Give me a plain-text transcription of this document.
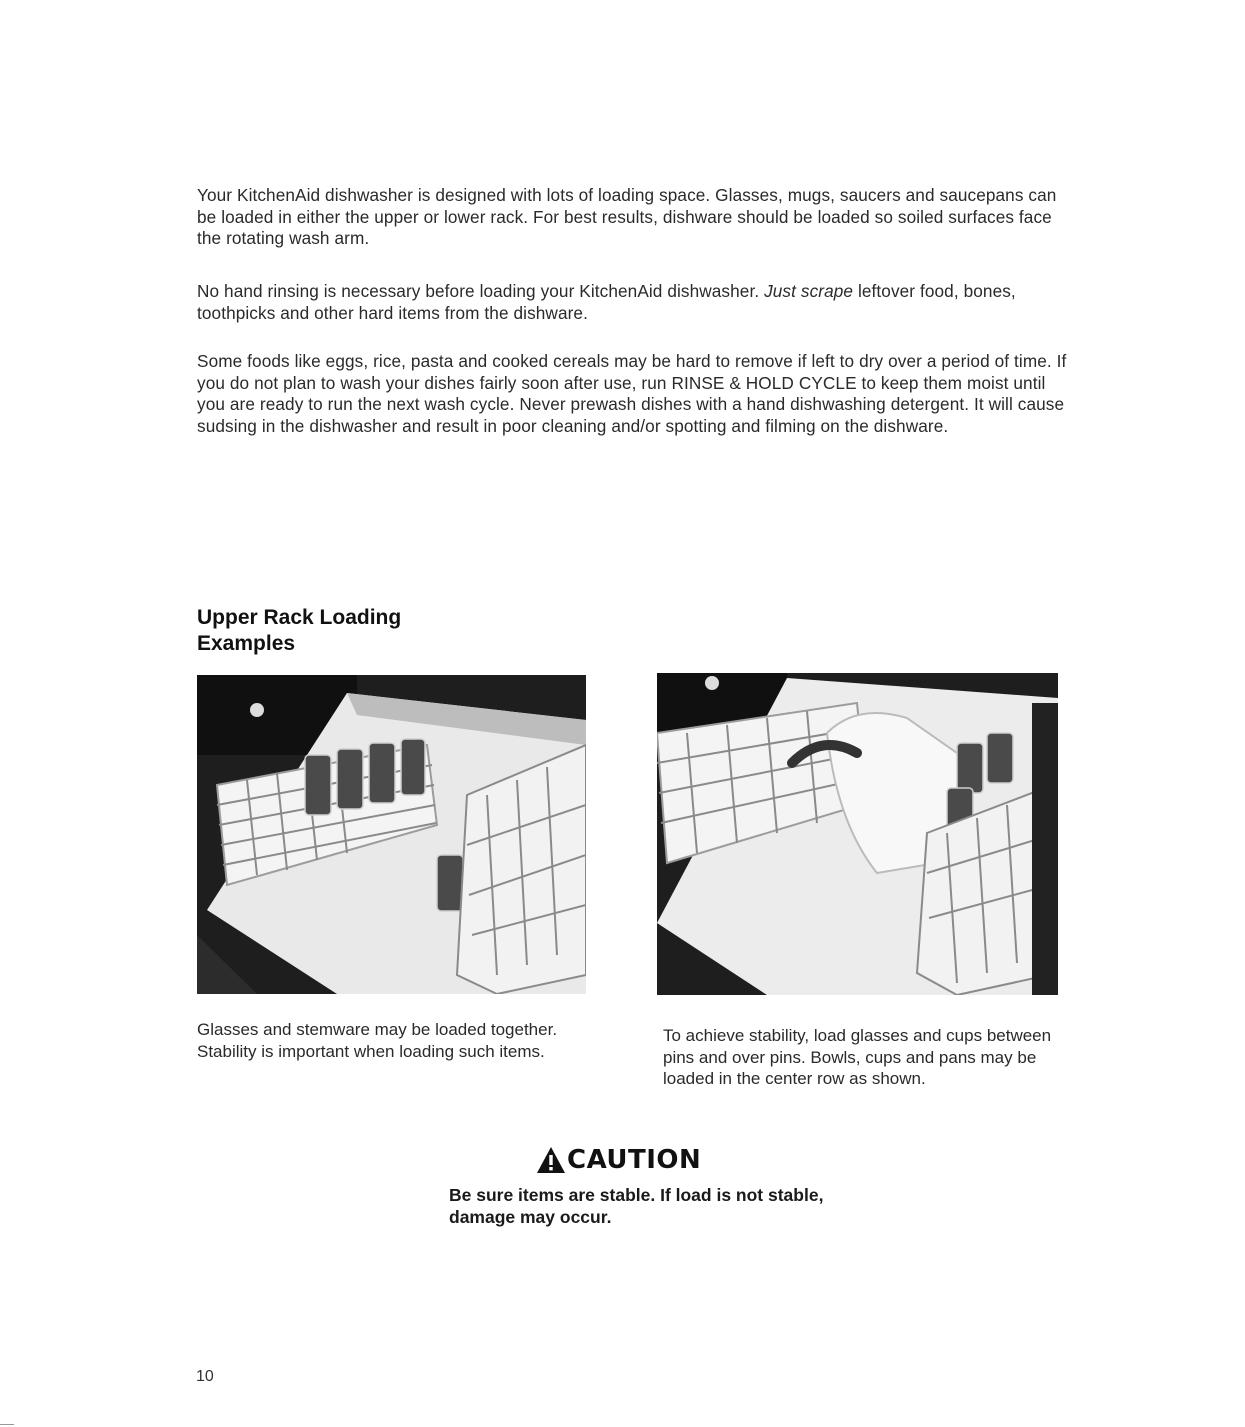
Your KitchenAid dishwasher is designed with lots of loading space. Glasses, mugs, saucers and saucepans can be loaded in either the upper or lower rack. For best results, dishware should be loaded so soiled surfaces face the rotating wash arm.

No hand rinsing is necessary before loading your KitchenAid dishwasher. Just scrape leftover food, bones, toothpicks and other hard items from the dishware.

Some foods like eggs, rice, pasta and cooked cereals may be hard to remove if left to dry over a period of time. If you do not plan to wash your dishes fairly soon after use, run RINSE & HOLD CYCLE to keep them moist until you are ready to run the next wash cycle. Never prewash dishes with a hand dishwashing detergent. It will cause sudsing in the dishwasher and result in poor cleaning and/or spotting and filming on the dishware.

Upper Rack Loading
Examples

Glasses and stemware may be loaded together. Stability is important when loading such items.

To achieve stability, load glasses and cups between pins and over pins. Bowls, cups and pans may be loaded in the center row as shown.

CAUTION

Be sure items are stable. If load is not stable, damage may occur.

10
